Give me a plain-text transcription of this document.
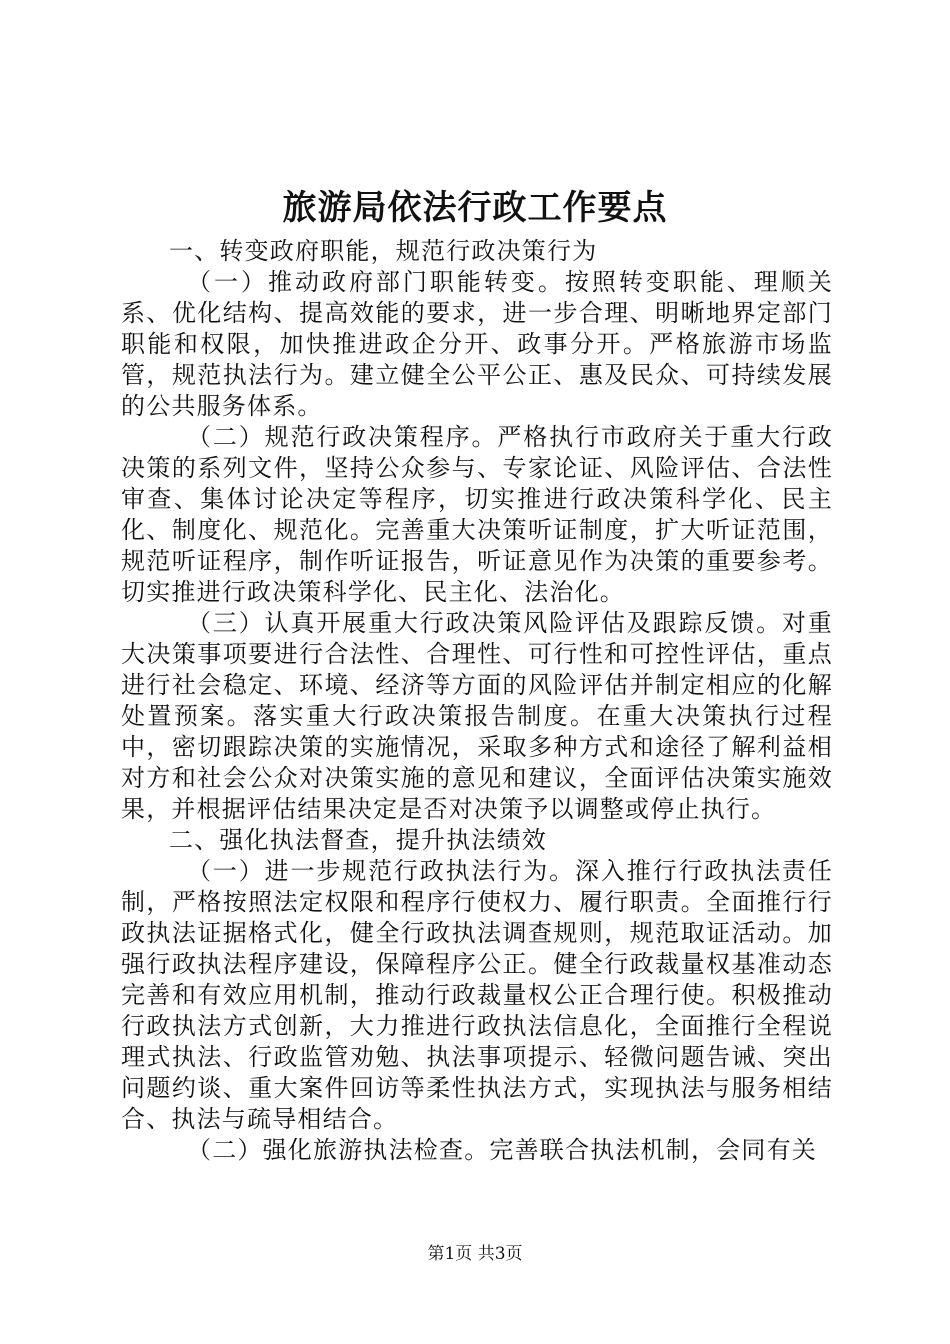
旅游局依法行政工作要点

一、转变政府职能，规范行政决策行为

（一）推动政府部门职能转变。按照转变职能、理顺关系、优化结构、提高效能的要求，进一步合理、明晰地界定部门职能和权限，加快推进政企分开、政事分开。严格旅游市场监管，规范执法行为。建立健全公平公正、惠及民众、可持续发展的公共服务体系。

（二）规范行政决策程序。严格执行市政府关于重大行政决策的系列文件，坚持公众参与、专家论证、风险评估、合法性审查、集体讨论决定等程序，切实推进行政决策科学化、民主化、制度化、规范化。完善重大决策听证制度，扩大听证范围，规范听证程序，制作听证报告，听证意见作为决策的重要参考。切实推进行政决策科学化、民主化、法治化。

（三）认真开展重大行政决策风险评估及跟踪反馈。对重大决策事项要进行合法性、合理性、可行性和可控性评估，重点进行社会稳定、环境、经济等方面的风险评估并制定相应的化解处置预案。落实重大行政决策报告制度。在重大决策执行过程中，密切跟踪决策的实施情况，采取多种方式和途径了解利益相对方和社会公众对决策实施的意见和建议，全面评估决策实施效果，并根据评估结果决定是否对决策予以调整或停止执行。

二、强化执法督查，提升执法绩效

（一）进一步规范行政执法行为。深入推行行政执法责任制，严格按照法定权限和程序行使权力、履行职责。全面推行行政执法证据格式化，健全行政执法调查规则，规范取证活动。加强行政执法程序建设，保障程序公正。健全行政裁量权基准动态完善和有效应用机制，推动行政裁量权公正合理行使。积极推动行政执法方式创新，大力推进行政执法信息化，全面推行全程说理式执法、行政监管劝勉、执法事项提示、轻微问题告诫、突出问题约谈、重大案件回访等柔性执法方式，实现执法与服务相结合、执法与疏导相结合。

（二）强化旅游执法检查。完善联合执法机制，会同有关

第1页 共3页
